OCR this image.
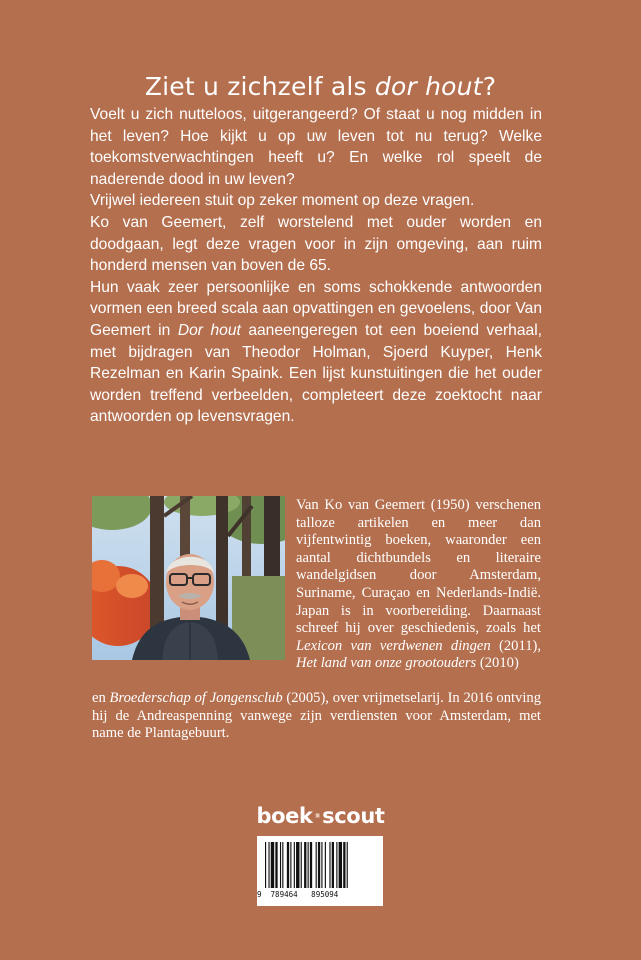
Ziet u zichzelf als dor hout?

Voelt u zich nutteloos, uitgerangeerd? Of staat u nog midden in het leven? Hoe kijkt u op uw leven tot nu terug? Welke toekomstverwachtingen heeft u? En welke rol speelt de naderende dood in uw leven?

Vrijwel iedereen stuit op zeker moment op deze vragen.

Ko van Geemert, zelf worstelend met ouder worden en doodgaan, legt deze vragen voor in zijn omgeving, aan ruim honderd mensen van boven de 65.

Hun vaak zeer persoonlijke en soms schokkende antwoorden vormen een breed scala aan opvattingen en gevoelens, door Van Geemert in Dor hout aaneengeregen tot een boeiend verhaal, met bijdragen van Theodor Holman, Sjoerd Kuyper, Henk Rezelman en Karin Spaink. Een lijst kunstuitingen die het ouder worden treffend verbeelden, completeert deze zoektocht naar antwoorden op levensvragen.

Van Ko van Geemert (1950) verschenen talloze artikelen en meer dan vijfentwintig boeken, waaronder een aantal dichtbundels en literaire wandelgidsen door Amsterdam, Suriname, Curaçao en Nederlands-Indië. Japan is in voorbereiding. Daarnaast schreef hij over geschiedenis, zoals het Lexicon van verdwenen dingen (2011), Het land van onze grootouders (2010)

en Broederschap of Jongensclub (2005), over vrijmetselarij. In 2016 ontving hij de Andreaspenning vanwege zijn verdiensten voor Amsterdam, met name de Plantagebuurt.

boek·scout
9  789464   895094
